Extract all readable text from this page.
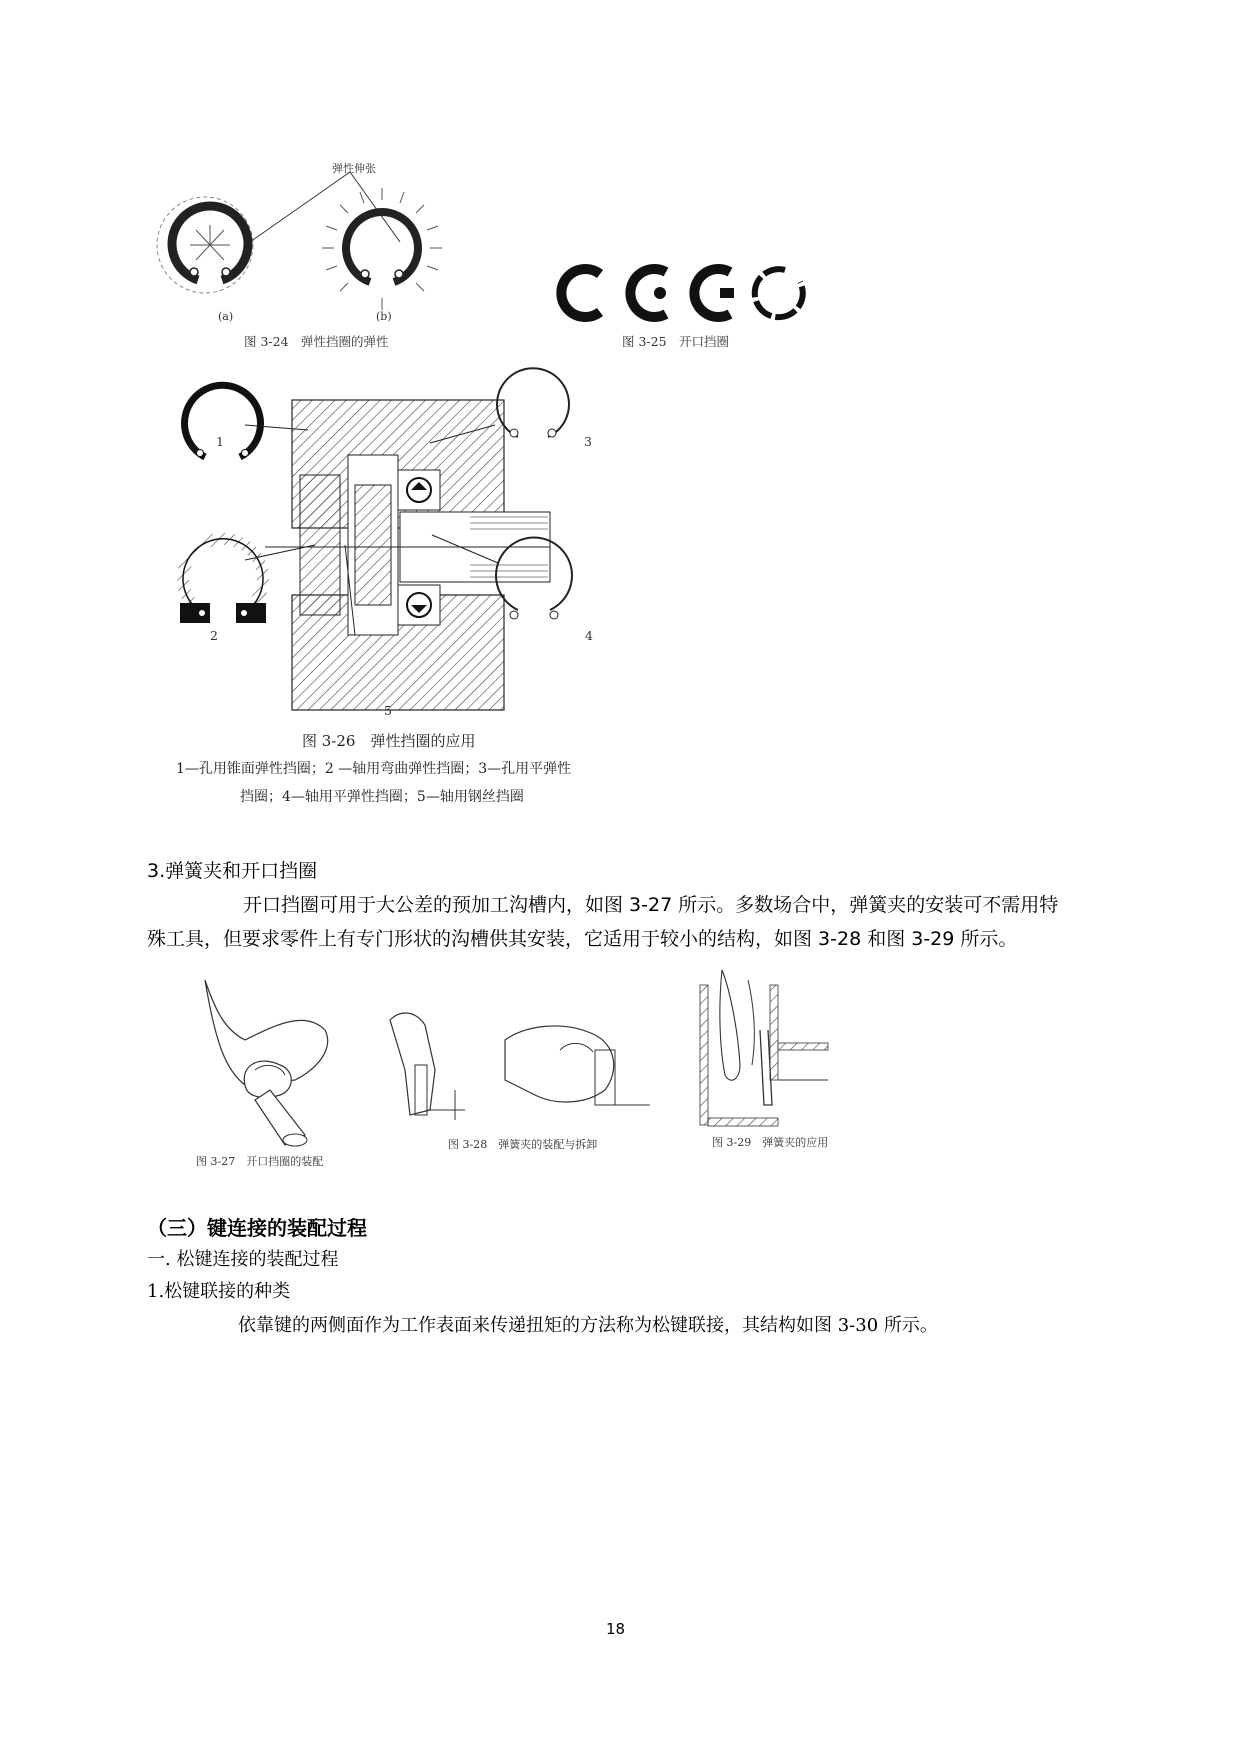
弹性伸张
(a)	(b)
图 3-24　弹性挡圈的弹性	图 3-25　开口挡圈
1
2
3
4
5
图 3-26　弹性挡圈的应用
1—孔用锥面弹性挡圈；2 —轴用弯曲弹性挡圈；3—孔用平弹性
挡圈；4—轴用平弹性挡圈；5—轴用钢丝挡圈
3.弹簧夹和开口挡圈
开口挡圈可用于大公差的预加工沟槽内，如图 3-27 所示。多数场合中，弹簧夹的安装可不需用特
殊工具，但要求零件上有专门形状的沟槽供其安装，它适用于较小的结构，如图 3-28 和图 3-29 所示。
图 3-27　开口挡圈的装配
图 3-28　弹簧夹的装配与拆卸	图 3-29　弹簧夹的应用
（三）键连接的装配过程
一. 松键连接的装配过程
1.松键联接的种类
依靠键的两侧面作为工作表面来传递扭矩的方法称为松键联接，其结构如图 3-30 所示。
18
